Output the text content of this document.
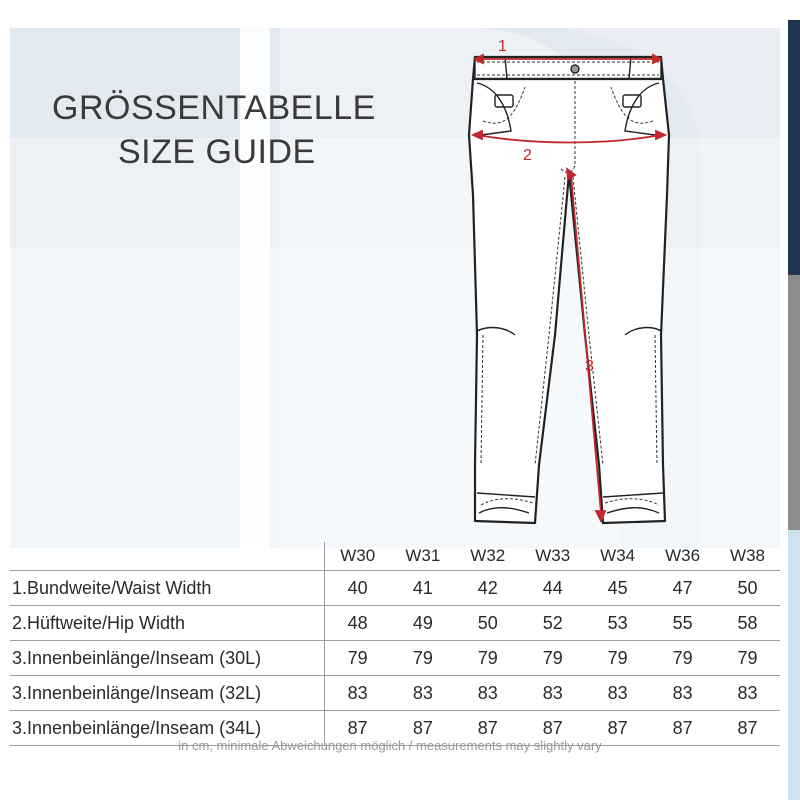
GRÖSSENTABELLE
SIZE GUIDE
1
2
3
	W30	W31	W32	W33	W34	W36	W38
1.Bundweite/Waist Width	40	41	42	44	45	47	50
2.Hüftweite/Hip Width	48	49	50	52	53	55	58
3.Innenbeinlänge/Inseam (30L)	79	79	79	79	79	79	79
3.Innenbeinlänge/Inseam (32L)	83	83	83	83	83	83	83
3.Innenbeinlänge/Inseam (34L)	87	87	87	87	87	87	87
in cm, minimale Abweichungen möglich / measurements may slightly vary
